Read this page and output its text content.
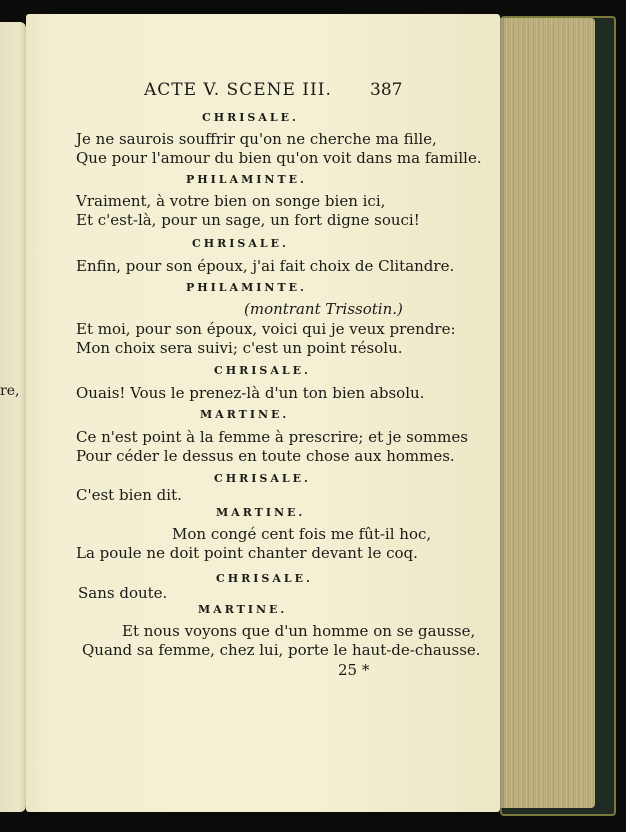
re,
ACTE V. SCENE III. 387
CHRISALE.
Je ne saurois souffrir qu'on ne cherche ma fille,
Que pour l'amour du bien qu'on voit dans ma famille.
PHILAMINTE.
Vraiment, à votre bien on songe bien ici,
Et c'est-là, pour un sage, un fort digne souci!
CHRISALE.
Enfin, pour son époux, j'ai fait choix de Clitandre.
PHILAMINTE.
(montrant Trissotin.)
Et moi, pour son époux, voici qui je veux prendre:
Mon choix sera suivi; c'est un point résolu.
CHRISALE.
Ouais! Vous le prenez-là d'un ton bien absolu.
MARTINE.
Ce n'est point à la femme à prescrire; et je sommes
Pour céder le dessus en toute chose aux hommes.
CHRISALE.
C'est bien dit.
MARTINE.
Mon congé cent fois me fût-il hoc,
La poule ne doit point chanter devant le coq.
CHRISALE.
Sans doute.
MARTINE.
Et nous voyons que d'un homme on se gausse,
Quand sa femme, chez lui, porte le haut-de-chausse.
25 *
